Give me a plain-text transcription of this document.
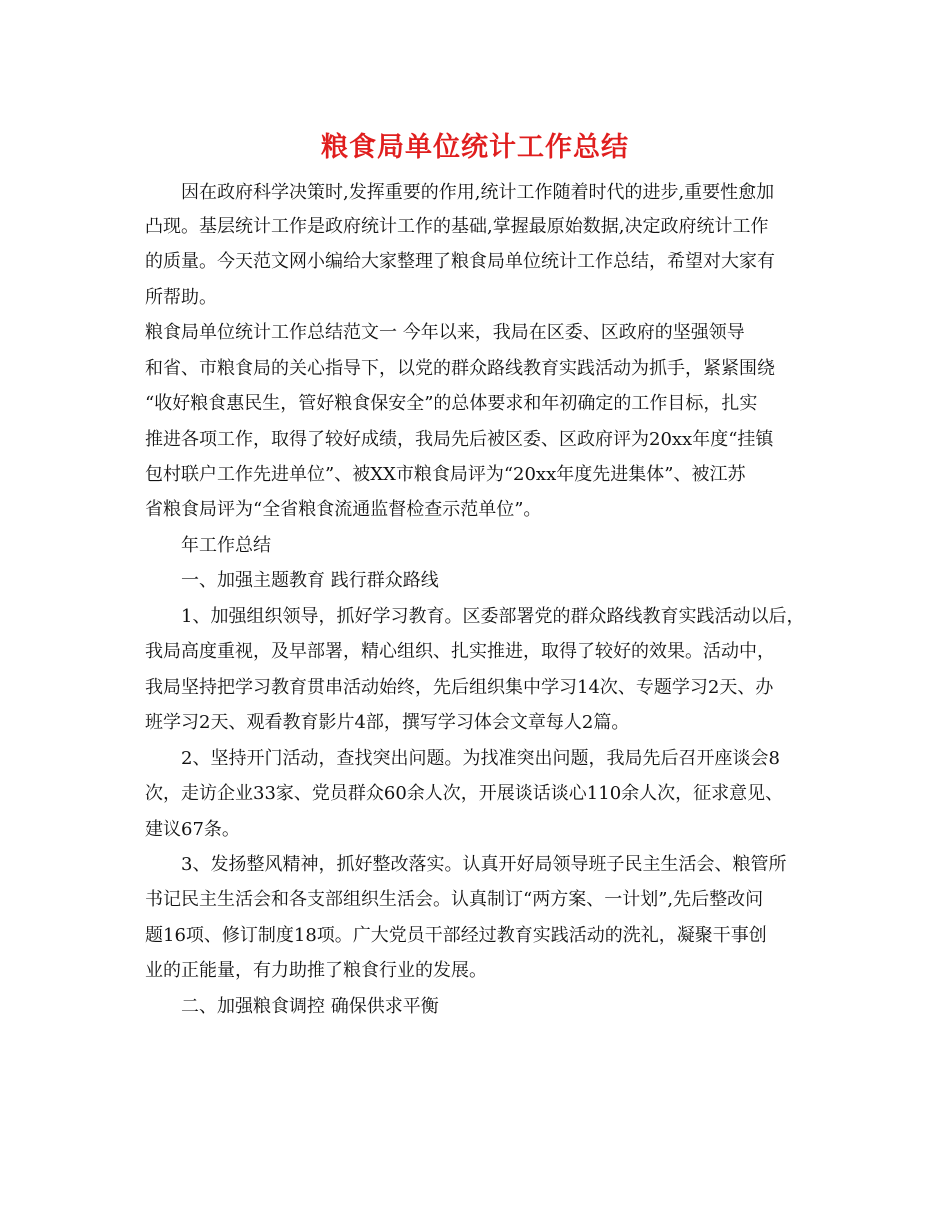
粮食局单位统计工作总结
因在政府科学决策时,发挥重要的作用,统计工作随着时代的进步,重要性愈加
凸现。基层统计工作是政府统计工作的基础,掌握最原始数据,决定政府统计工作
的质量。今天范文网小编给大家整理了粮食局单位统计工作总结，希望对大家有
所帮助。
粮食局单位统计工作总结范文一 今年以来，我局在区委、区政府的坚强领导
和省、市粮食局的关心指导下，以党的群众路线教育实践活动为抓手，紧紧围绕
“收好粮食惠民生，管好粮食保安全”的总体要求和年初确定的工作目标，扎实
推进各项工作，取得了较好成绩，我局先后被区委、区政府评为20xx年度“挂镇
包村联户工作先进单位”、被XX市粮食局评为“20xx年度先进集体”、被江苏
省粮食局评为“全省粮食流通监督检查示范单位”。
年工作总结
一、加强主题教育 践行群众路线
1、加强组织领导，抓好学习教育。区委部署党的群众路线教育实践活动以后，
我局高度重视，及早部署，精心组织、扎实推进，取得了较好的效果。活动中，
我局坚持把学习教育贯串活动始终，先后组织集中学习14次、专题学习2天、办
班学习2天、观看教育影片4部，撰写学习体会文章每人2篇。
2、坚持开门活动，查找突出问题。为找准突出问题，我局先后召开座谈会8
次，走访企业33家、党员群众60余人次，开展谈话谈心110余人次，征求意见、
建议67条。
3、发扬整风精神，抓好整改落实。认真开好局领导班子民主生活会、粮管所
书记民主生活会和各支部组织生活会。认真制订“两方案、一计划”,先后整改问
题16项、修订制度18项。广大党员干部经过教育实践活动的洗礼，凝聚干事创
业的正能量，有力助推了粮食行业的发展。
二、加强粮食调控 确保供求平衡
